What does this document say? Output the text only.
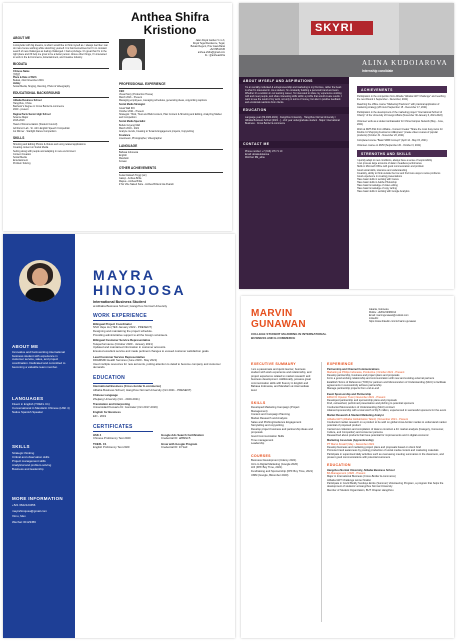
Anthea Shifra Kristiono
Jalan Royal Garden V no.3,
Royal Tegal Residence, Tegal,
Bekasi Regent, Prov Jawa Barat
+62 89512345
anthea.shifra@gmail.com
IG : @antheashifra
ABOUT ME
A storyteller with big dreams, is what I would like to think myself as. I always feel like I can do more hence working while stretching yourself. It is hard sometimes but I'm in constant search of new challenges as feeling challenged. I had a privilege. It's great that I'm in the right place and it'll help me grow to be a better person. Above other things, I'm interested to work in the E-Commerce, Entertainment, and Creative Industry.
BIODATA
Chinese Name
钟晓欣
Place & Date of Birth
Bekasi, 21st November 2001
Hobby
Social Media, Singing, Dancing, Photo & Videography
EDUCATIONAL BACKGROUND
Alibaba Business School
Hangzhou, China
Bachelor's Degree in Cross Border E-commerce
2020 - present
Regina Pacis Senior High School
Science Major
2016-2019
Head of Documentation (Student Council)
Ad Rumor Lab · St. John English Speech Competition
1st Winner · Starlight Dance Competition
SKILLS
Shooting and Editing Photos & Videos and using related applications
Creating content on Social Media
Setting along with people and adapting in new environment
Content Creation
Social Media
Entertainment
Problem Solving
PROFESSIONAL EXPERIENCE
CEO
Visual Story (Production House)
March 2021 - Present
Managing employees, managing schedules, generating ideas, copywriting captions
Social Media Strategist
Great Wall IDC
October 2021 - Present
Strategist: Think, Trust and Build content, Plan Content & Shooting and Editing, Analyzing Market and Competition
Social Media Specialist
Bebek Goyeng Mall
March 2019 - 2021
Analyze trends, Creating to Tenants Engagement projects, Copywriting
Freelance
Livestream, Photographer, Videographer
LANGUAGE
Bahasa Indonesia
English
Mandarin
Korean
OTHER ACHIEVEMENTS
Kelas Dakwah Tinggi (sic)
Gakuji - Anthea Brilia
Mapua - Anthea Brilia
# No Vibe Naked Suite - Anthea Brilia & Gia Pearah
SKYRI
ALINA KUDOIAROVA
Internship candidate
ABOUT MYSELF AND ASPIRATIONS
I'm an socially motivated & entrepreneurship and marketing is my first love, rather the heart is what I'm interested in. As a student, I'm constantly building a personal brand and team. Whether it's a solution in our learning career, I'm interested to share my experience working with and meet people, and share interesting skills within a profile that would create results. I want to see the result of my work, not only in terms of money, but also in positive feedback and emotional reactions from clients.
EDUCATION
Language year (09.2020-2021) · Fangzhou University · Hangzhou Normal University / Alibaba Business School (2021 - ) - 2nd year undergraduate student · Major: International Business · Cross Border E-commerce
CONTACT ME
Phone number: +7 (916) 176 71 10
Email: alinakudoiarova
WeChat: lBk_alina
ACHIEVEMENTS
Participation in the competition from Alibaba "Alibaba GDT Challenge" and reaching the next Round 1 September - December, 2021)
Reaching the offline course "Marketing Practicum" with practical application of marketing strategy (28 round September 15 - December 17, 2021)
Participation in the development of the marketing project "International School of Charity" of the University of Foreign Affairs (November 30-January 6, 2021-2022)
Volunteer work as a student ambassador for China Campus Network (May - June, 2021)
Work at DMT-Pilot from Alibaba - Content Creator "Share the most busy items for Double 11 Shopping Festival on AliExpress" (create video reviews of popular products) (October 31 - November 23, 2021)
Completed course "Basic SMM Concept" (April 14 - May 15, 2021)
Volunteer course on MVM (September 20 - October 3, 2021)
STRENGTHS AND SKILLS
I quickly adapt to new conditions, always have a sense of responsibility
I can process large amounts of data in headless performance
Skills in Microsoft Office with good communication and problem
Good social skills, tolerance and understanding
Creativity, ability to think outside the box and find more ways to solve problems
Good experience in creating presentations
Have basic skills in working with Canva
Have basic skills in Adobe Photoshop
Have basic knowledge of video editing
Have basic knowledge of copy writing
Have basic skills in working with Google Analytics
ABOUT ME
Innovative and hard-working international business student with experience in customer service, sales, and project coordination. Dedicated and committed to becoming a valuable team member.
LANGUAGES
Fluent in English (TOEFL C1)
Conversational in Mandarin Chinese (HSK 4)
Native Spanish Speaker
SKILLS
Strategic thinking
Critical and observation skills
Project management skills
Analytical and problem-solving
Business and leadership
MORE INFORMATION
+521 6622123456
mayrahinojosa@gmail.com
Ximu, Mex
Wechat: ID123456
MAYRA
HINOJOSA
International Business Student
at Alibaba Business School | Hangzhou Normal University
WORK EXPERIENCE
Bilingual Project Coordinator
NSO Vape Hu (TEK January 2022 - PRESENT)
Designing and maintaining the project schedule.
Providing administrative support to all the foreign volunteers.
Bilingual Customer Service Representative
Teleperformance (October 2020 - January 2021)
Updated and maintained information in customer accounts.
Ensured excellent service and made pertinent changes to exceed customer satisfaction goals.
Lead Customer Service Representative
DD&MMID Health Services (June 2020 - May 2021)
Used multiple resources for new accounts, putting attention to detail to become company and customer demands.
EDUCATION
International Business (Cross-border E-commerce)
Alibaba Business School | Hangzhou Normal University (Oct 2021 - PRESENT)
Chinese Language
Zhejiang University (Oct - 2020-2021)
Translation and Interpreting
Universidad Pecuario Dr. Gonzalez (Oct 2017-2019)
English for Business
EFI - 2019
CERTIFICATES
HSK 4
Chinese Proficiency Test 2020
TOEFL C1
English Proficiency Test 2020
Google Ads Search Certification
Credential ID: a889f2c5
Grow with Google Program
Credential ID: fc71a0
MARVIN
GUNAWAN
COLLEGE STUDENT MAJORING IN INTERNATIONAL BUSINESS AND E-COMMERCE
Jakarta, Indonesia
Mobile: +6281219380014
Email: marvingunawan@outlook.com
LinkedIn:
https://www.linkedin.com/in/marvin-gunawan
EXECUTIVE SUMMARY
I am a passionate and quick learner, business student with work experience and relationship, and project experience related to market research and business development. Additionally, possess great communication skills with fluency in English and Bahasa Indonesia, and Mandarin at intermediate level.
SKILLS
Developed Marketing Campaign (Project Management)
Content and Campaign Planning
Market Research and Analysis
Sales and Pitching/Audience Engagement
Storytelling and copywriting
Develop project business and partnership ideas and proposals
Good Communication Skills
Time management
Leadership
COURSES
Business Development (Udemy 2021)
Intro to Digital Marketing (Google 2020)
LDI (FPF Boy Time, 2021)
Fundraising and Sponsorship (FPF Boy Time, 2021)
UMM (Google, Bloomber 2020)
EXPERIENCE
Partnership and Channel Communications
Marketing at Philips Indonesia, Productive | October 2021 - Present
Develop partnership, business and project plans and proposals
Form a good working relationship and communication with new and existing external partners
Establish Terms of Reference (TOR) for partners and Memorandum of Understanding (MoU) to facilitate agreements in successfully achieve partnership
Manage partnership projects from end-to-end
Event Sponsorship and Partnership
ERGO D Opsoon Trust | November 2021 - Present
Developed partnership and sponsorship plans and proposals
Find, outreached, performed presentation and pitching to potential sponsors
Conducted Memorandum of Understanding (MoU) contract
Attained sponsorship with a total worth of Rp 5 million, experienced in successful sponsors for the event
Market Research & Student Marketing Analyst
Alibaba GDT (Alibaba Globalization Talent) | November 2021 - Present
Conducted market research on a product to be sold on global cross-border market to understand market potential of proposed product
Carried out collection and compilation of data to construct a 4C market analysis (Category, Consumer, Culture, and Competitor) and consumer persona
Researched about products that have potential for improvements and in digital economic
Marketing Associate (Apprenticeship)
PT Marvo Kreatif | May - December 2021
Develop business and marketing project plans and proposals based on client brief
Promote brand awareness by posting production of social media content and marketing materials
Participate in supervised daily activities such as overseeing meeting summaries in the classroom, and present good communications with potential customers
EDUCATION
Hangzhou Normal University, Alibaba Business School
BA Management | 2020 - Present
Major in International Business (Cross-Border E-commerce)
Alibaba GDT Challenge winner finalist
Participate in Covid Buddy Sundays Entire (Summer) Volunteering Program, a program that helps the development of students' at Hangzhou Normal University
Member of Student Organization, BUT Chapter Hangzhou
